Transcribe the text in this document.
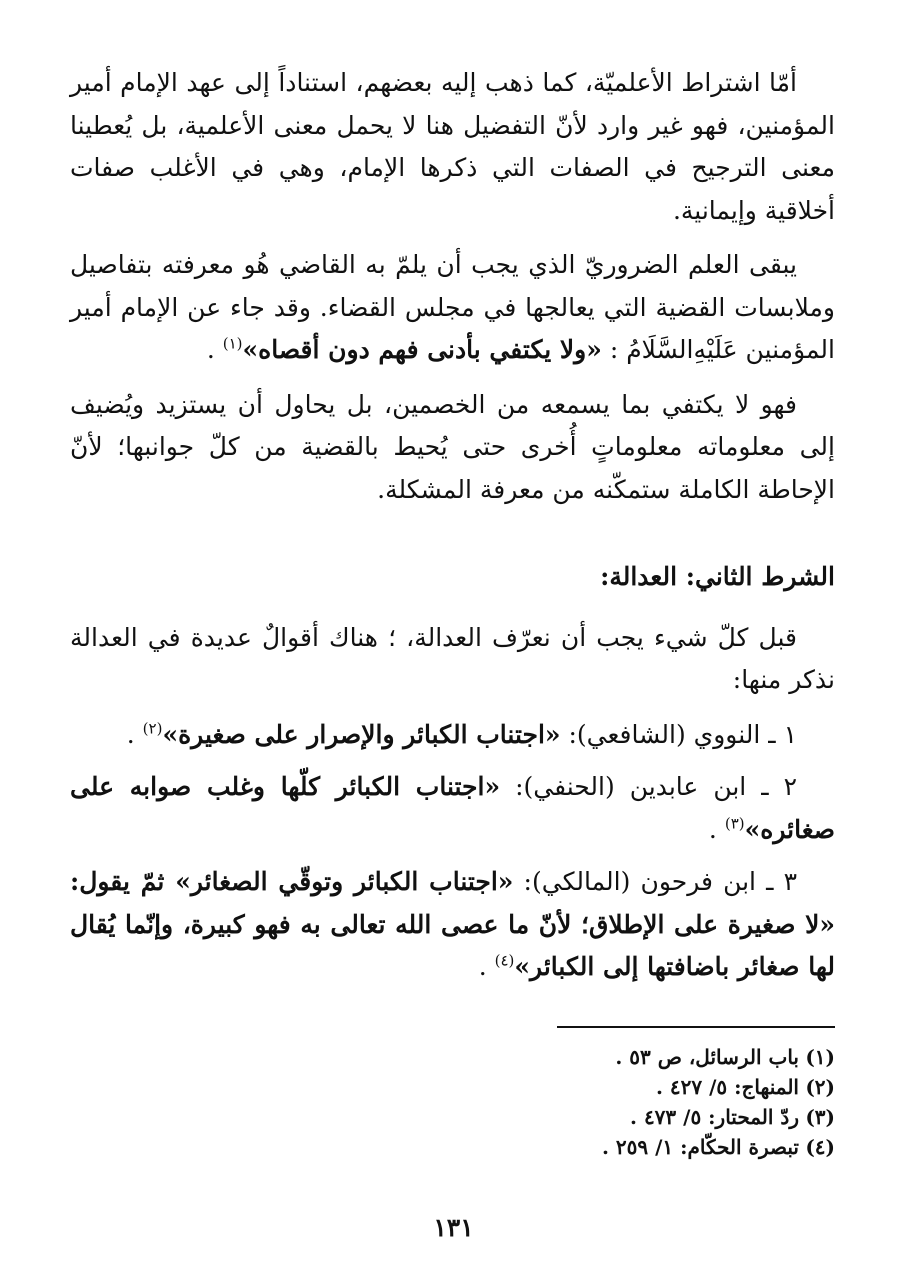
أمّا اشتراط الأعلميّة، كما ذهب إليه بعضهم، استناداً إلى عهد الإمام أمير المؤمنين، فهو غير وارد لأنّ التفضيل هنا لا يحمل معنى الأعلمية، بل يُعطينا معنى الترجيح في الصفات التي ذكرها الإمام، وهي في الأغلب صفات أخلاقية وإيمانية.

يبقى العلم الضروريّ الذي يجب أن يلمّ به القاضي هُو معرفته بتفاصيل وملابسات القضية التي يعالجها في مجلس القضاء. وقد جاء عن الإمام أمير المؤمنين عَلَيْهِ‌السَّلَامُ : «ولا يكتفي بأدنى فهم دون أقصاه»$^{(١)}$ .

فهو لا يكتفي بما يسمعه من الخصمين، بل يحاول أن يستزيد ويُضيف إلى معلوماته معلوماتٍ أُخرى حتى يُحيط بالقضية من كلّ جوانبها؛ لأنّ الإحاطة الكاملة ستمكّنه من معرفة المشكلة.

الشرط الثاني: العدالة:

قبل كلّ شيء يجب أن نعرّف العدالة، ؛ هناك أقوالٌ عديدة في العدالة نذكر منها:

١ ـ النووي (الشافعي): «اجتناب الكبائر والإصرار على صغيرة»$^{(٢)}$ .

٢ ـ ابن عابدين (الحنفي): «اجتناب الكبائر كلّها وغلب صوابه على صغائره»$^{(٣)}$ .

٣ ـ ابن فرحون (المالكي): «اجتناب الكبائر وتوقّي الصغائر» ثمّ يقول: «لا صغيرة على الإطلاق؛ لأنّ ما عصى الله تعالى به فهو كبيرة، وإنّما يُقال لها صغائر باضافتها إلى الكبائر»$^{(٤)}$ .

(١)باب الرسائل، ص ٥٣ .

(٢)المنهاج: ٥/ ٤٢٧ .

(٣)ردّ المحتار: ٥/ ٤٧٣ .

(٤)تبصرة الحكّام: ١/ ٢٥٩ .

١٣١
